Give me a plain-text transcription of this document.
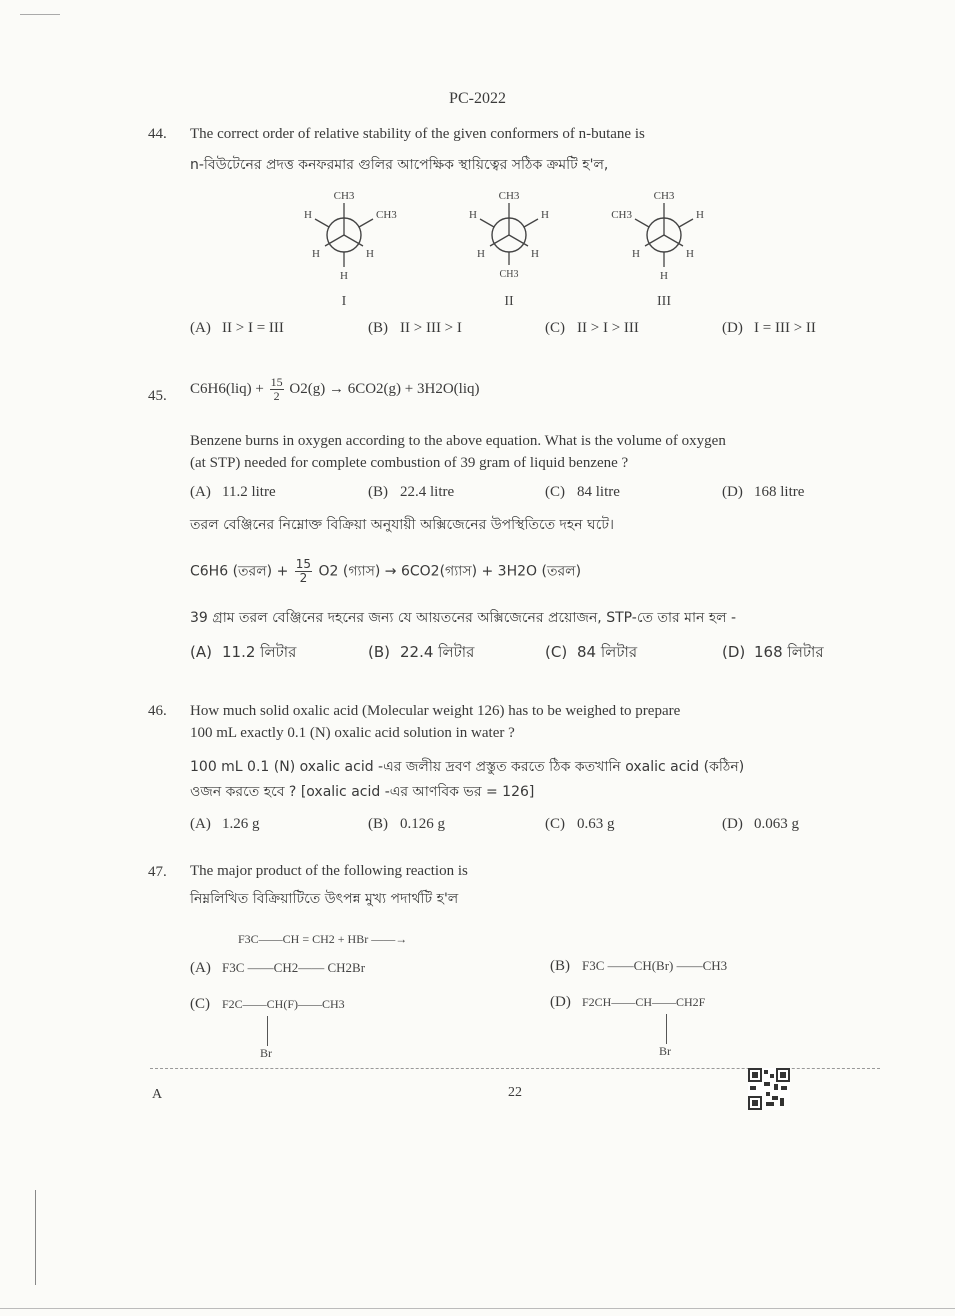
PC-2022
44. The correct order of relative stability of the given conformers of n-butane is
n-বিউটেনের প্রদত্ত কনফরমার গুলির আপেক্ষিক স্থায়িত্বের সঠিক ক্রমটি হ'ল,
CH3
H	CH3
H	H
H
I
CH3
H	H
H	H
CH3
II
CH3
CH3	H
H	H
H
III
(A) II > I = III	(B) II > III > I	(C) II > I > III	(D) I = III > II
45. $C6H6(liq) + \frac{15}{2} O2(g) \to 6CO2(g) + 3H2O(liq)$
Benzene burns in oxygen according to the above equation. What is the volume of oxygen
(at STP) needed for complete combustion of 39 gram of liquid benzene ?
(A) 11.2 litre	(B) 22.4 litre	(C) 84 litre	(D) 168 litre
তরল বেঞ্জিনের নিম্নোক্ত বিক্রিয়া অনুযায়ী অক্সিজেনের উপস্থিতিতে দহন ঘটে।
C6H6 (তরল) + $\frac{15}{2} O2$ (গ্যাস) → 6CO2(গ্যাস) + 3H2O (তরল)
39 গ্রাম তরল বেঞ্জিনের দহনের জন্য যে আয়তনের অক্সিজেনের প্রয়োজন, STP-তে তার মান হল -
(A) 11.2 লিটার	(B) 22.4 লিটার	(C) 84 লিটার	(D) 168 লিটার
46. How much solid oxalic acid (Molecular weight 126) has to be weighed to prepare
100 mL exactly 0.1 (N) oxalic acid solution in water ?
100 mL 0.1 (N) oxalic acid -এর জলীয় দ্রবণ প্রস্তুত করতে ঠিক কতখানি oxalic acid (কঠিন)
ওজন করতে হবে ? [oxalic acid -এর আণবিক ভর = 126]
(A) 1.26 g	(B) 0.126 g	(C) 0.63 g	(D) 0.063 g
47. The major product of the following reaction is
নিম্নলিখিত বিক্রিয়াটিতে উৎপন্ন মুখ্য পদার্থটি হ'ল
F3C——CH = CH2 + HBr ——→
(A) F3C ——CH2—— CH2Br	(B) F3C ——CH(Br) ——CH3
(C) F2C——CH(F)——CH3
Br
(D) F2CH——CH——CH2F
Br
A	22
